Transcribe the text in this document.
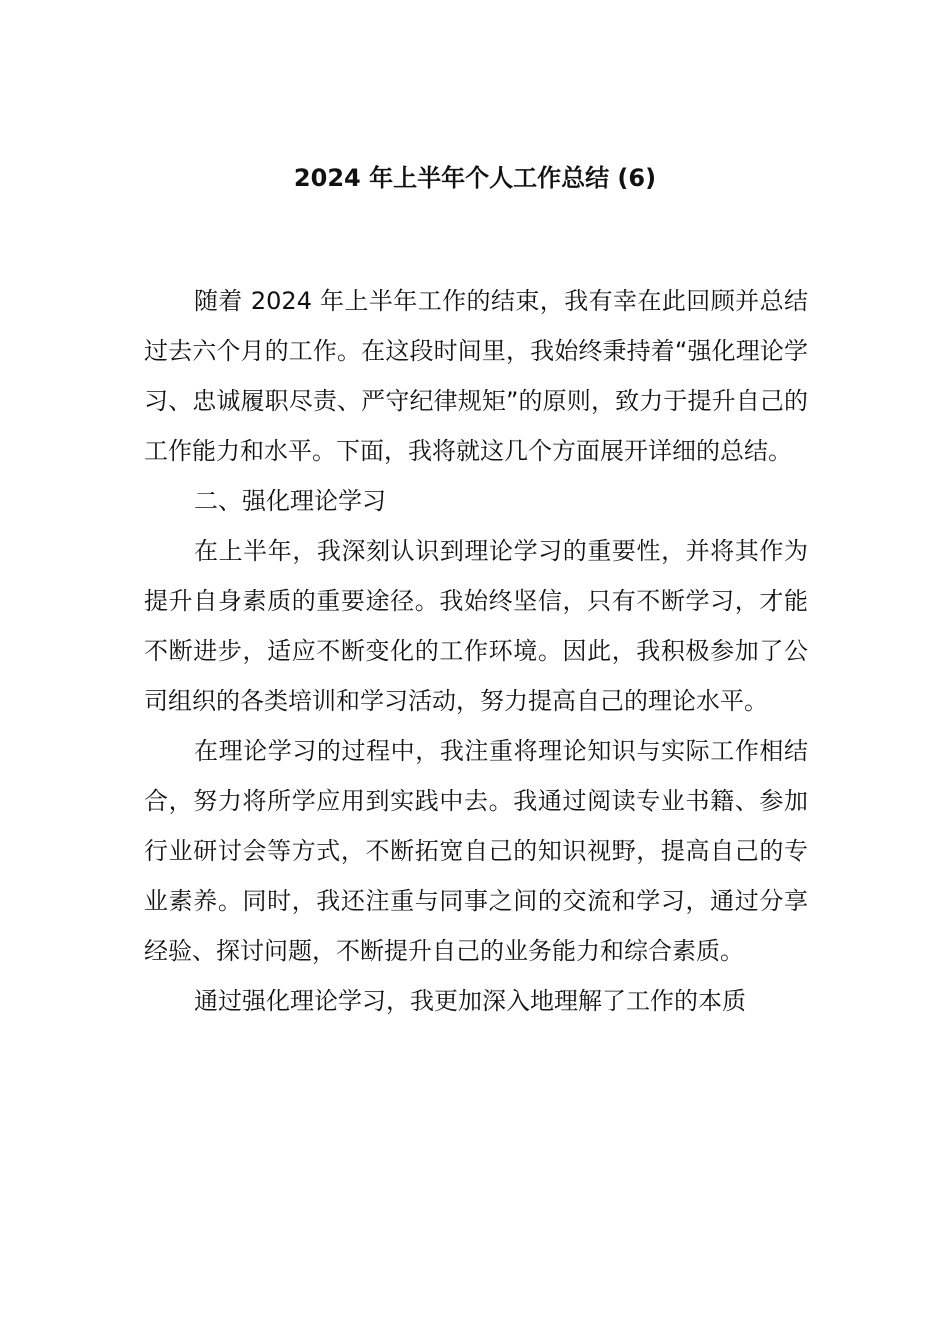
2024 年上半年个人工作总结 (6)

随着 2024 年上半年工作的结束，我有幸在此回顾并总结过去六个月的工作。在这段时间里，我始终秉持着“强化理论学习、忠诚履职尽责、严守纪律规矩”的原则，致力于提升自己的工作能力和水平。下面，我将就这几个方面展开详细的总结。

二、强化理论学习

在上半年，我深刻认识到理论学习的重要性，并将其作为提升自身素质的重要途径。我始终坚信，只有不断学习，才能不断进步，适应不断变化的工作环境。因此，我积极参加了公司组织的各类培训和学习活动，努力提高自己的理论水平。

在理论学习的过程中，我注重将理论知识与实际工作相结合，努力将所学应用到实践中去。我通过阅读专业书籍、参加行业研讨会等方式，不断拓宽自己的知识视野，提高自己的专业素养。同时，我还注重与同事之间的交流和学习，通过分享经验、探讨问题，不断提升自己的业务能力和综合素质。

通过强化理论学习，我更加深入地理解了工作的本质
